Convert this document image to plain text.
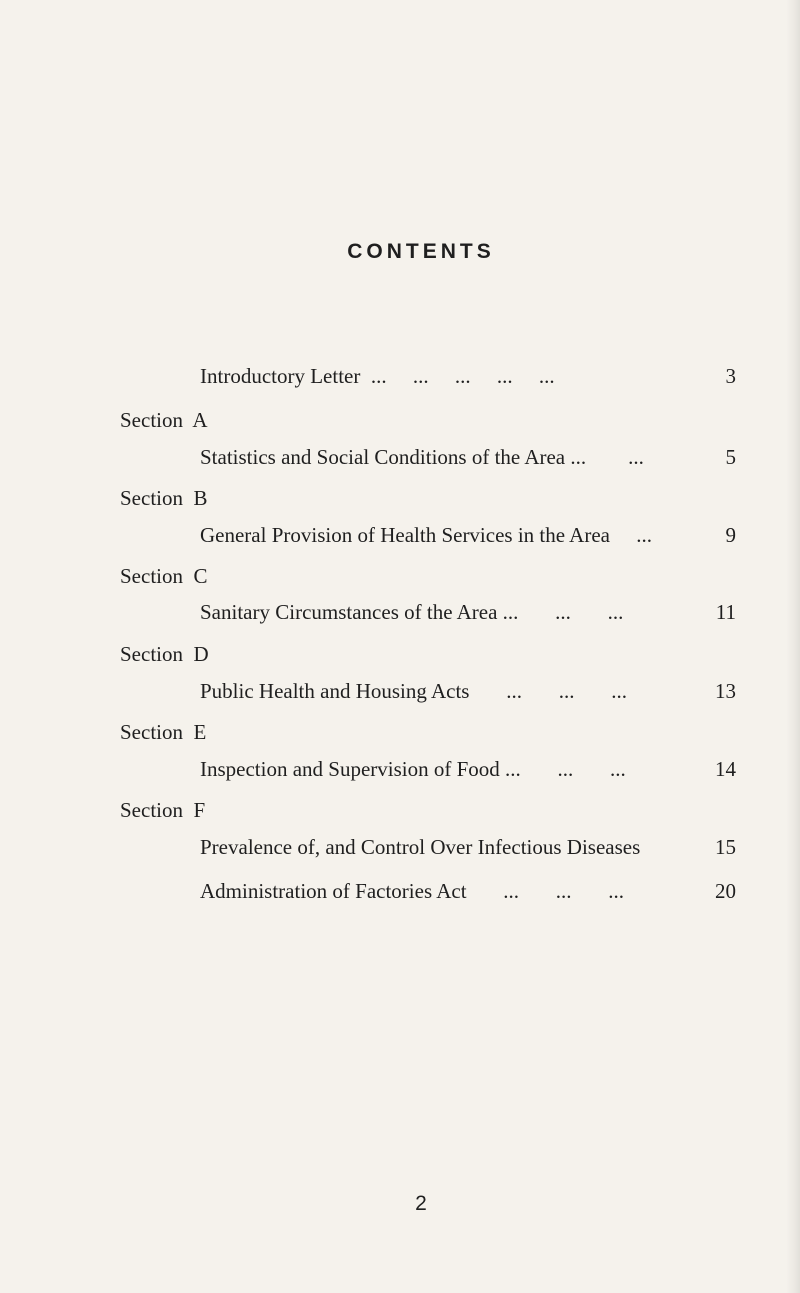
CONTENTS
Introductory Letter  ...     ...     ...     ...     ...	3
Section  A
Statistics and Social Conditions of the Area ...        ...	5
Section  B
General Provision of Health Services in the Area     ...	9
Section  C
Sanitary Circumstances of the Area ...       ...       ...	11
Section  D
Public Health and Housing Acts       ...       ...       ...	13
Section  E
Inspection and Supervision of Food ...       ...       ...	14
Section  F
Prevalence of, and Control Over Infectious Diseases	15
Administration of Factories Act       ...       ...       ...	20
2
